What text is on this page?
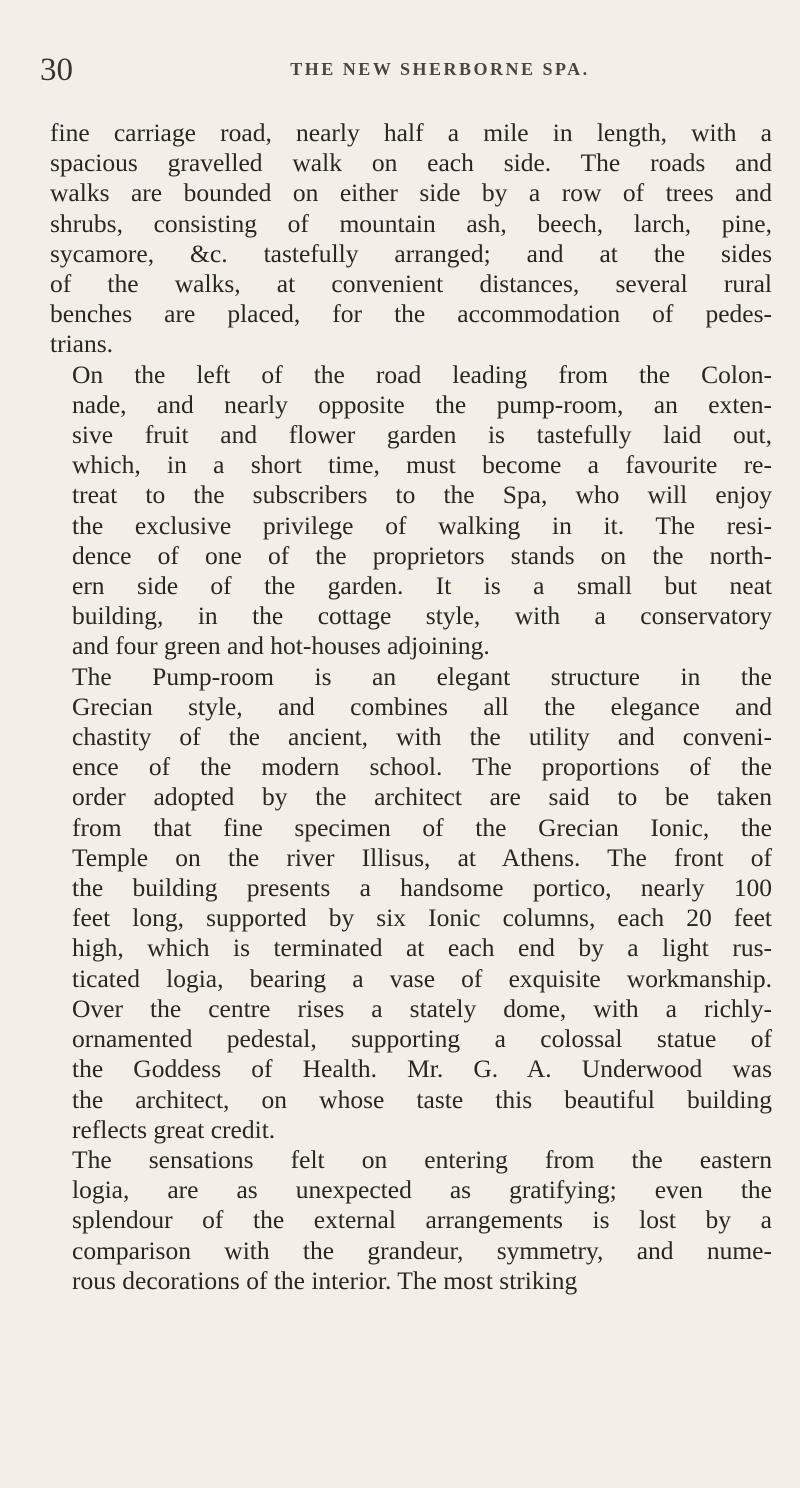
30	THE NEW SHERBORNE SPA.

fine carriage road, nearly half a mile in length, with a
spacious gravelled walk on each side. The roads and
walks are bounded on either side by a row of trees and
shrubs, consisting of mountain ash, beech, larch, pine,
sycamore, &c. tastefully arranged; and at the sides
of the walks, at convenient distances, several rural
benches are placed, for the accommodation of pedes-
trians.

On the left of the road leading from the Colon-
nade, and nearly opposite the pump-room, an exten-
sive fruit and flower garden is tastefully laid out,
which, in a short time, must become a favourite re-
treat to the subscribers to the Spa, who will enjoy
the exclusive privilege of walking in it. The resi-
dence of one of the proprietors stands on the north-
ern side of the garden. It is a small but neat
building, in the cottage style, with a conservatory
and four green and hot-houses adjoining.

The Pump-room is an elegant structure in the
Grecian style, and combines all the elegance and
chastity of the ancient, with the utility and conveni-
ence of the modern school. The proportions of the
order adopted by the architect are said to be taken
from that fine specimen of the Grecian Ionic, the
Temple on the river Illisus, at Athens. The front of
the building presents a handsome portico, nearly 100
feet long, supported by six Ionic columns, each 20 feet
high, which is terminated at each end by a light rus-
ticated logia, bearing a vase of exquisite workmanship.
Over the centre rises a stately dome, with a richly-
ornamented pedestal, supporting a colossal statue of
the Goddess of Health. Mr. G. A. Underwood was
the architect, on whose taste this beautiful building
reflects great credit.

The sensations felt on entering from the eastern
logia, are as unexpected as gratifying; even the
splendour of the external arrangements is lost by a
comparison with the grandeur, symmetry, and nume-
rous decorations of the interior. The most striking
